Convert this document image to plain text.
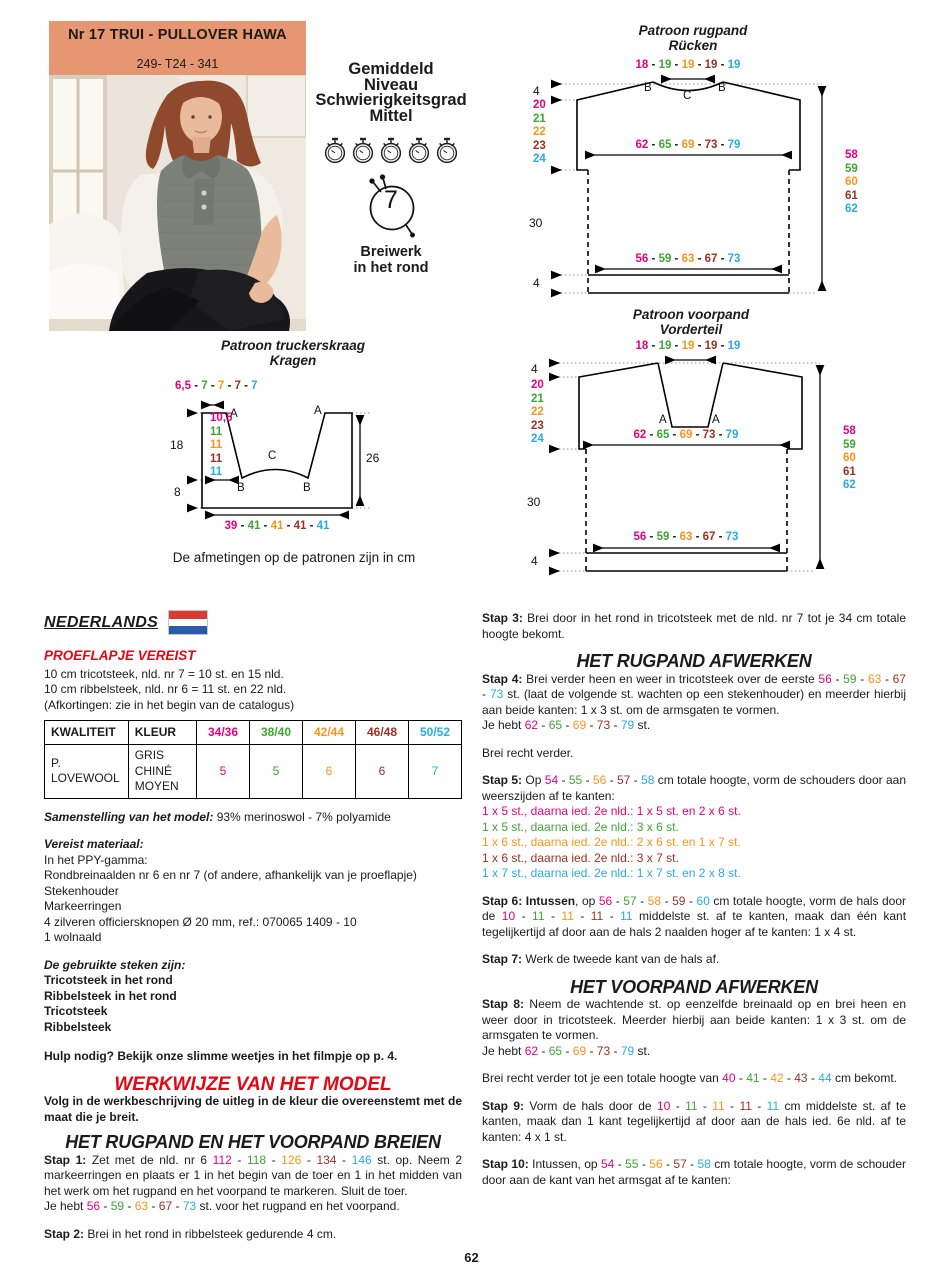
Nr 17 TRUI - PULLOVER HAWA
249- T24 - 341	Gemiddeld
Niveau
Schwierigkeitsgrad
Mittel
7
Breiwerk
in het rond
Patroon rugpand
Rücken
18 - 19 - 19 - 19 - 19
B
C
B
62 - 65 - 69 - 73 - 79
56 - 59 - 63 - 67 - 73
4
20
21
22
23
24
30
4
58
59
60
61
62
Patroon voorpand
Vorderteil
18 - 19 - 19 - 19 - 19
A	A
62 - 65 - 69 - 73 - 79
56 - 59 - 63 - 67 - 73
4
20
21
22
23
24
30
4
58
59
60
61
62
Patroon truckerskraag
Kragen
6,5 - 7 - 7 - 7 - 7
10,5
11
11
11
11
A	A
B	B
C
18
8
26
39 - 41 - 41 - 41 - 41
De afmetingen op de patronen zijn in cm
NEDERLANDS
PROEFLAPJE VEREIST
10 cm tricotsteek, nld. nr 7 = 10 st. en 15 nld.
10 cm ribbelsteek, nld. nr 6 = 11 st. en 22 nld.
(Afkortingen: zie in het begin van de catalogus)
KWALITEIT	KLEUR	34/36	38/40	42/44	46/48	50/52
P. LOVEWOOL	GRIS CHINÉ MOYEN	5	5	6	6	7
Samenstelling van het model: 93% merinoswol - 7% polyamide
Vereist materiaal:
In het PPY-gamma:
Rondbreinaalden nr 6 en nr 7 (of andere, afhankelijk van je proeflapje)
Stekenhouder
Markeerringen
4 zilveren officiersknopen Ø 20 mm, ref.: 070065 1409 - 10
1 wolnaald
De gebruikte steken zijn:
Tricotsteek in het rond
Ribbelsteek in het rond
Tricotsteek
Ribbelsteek
Hulp nodig? Bekijk onze slimme weetjes in het filmpje op p. 4.
WERKWIJZE VAN HET MODEL
Volg in de werkbeschrijving de uitleg in de kleur die overeenstemt met de maat die je breit.
HET RUGPAND EN HET VOORPAND BREIEN
Stap 1: Zet met de nld. nr 6 112 - 118 - 126 - 134 - 146 st. op. Neem 2 markeerringen en plaats er 1 in het begin van de toer en 1 in het midden van het werk om het rugpand en het voorpand te markeren. Sluit de toer.
Je hebt 56 - 59 - 63 - 67 - 73 st. voor het rugpand en het voorpand.
Stap 2: Brei in het rond in ribbelsteek gedurende 4 cm.
Stap 3: Brei door in het rond in tricotsteek met de nld. nr 7 tot je 34 cm totale hoogte bekomt.
HET RUGPAND AFWERKEN
Stap 4: Brei verder heen en weer in tricotsteek over de eerste 56 - 59 - 63 - 67 - 73 st. (laat de volgende st. wachten op een stekenhouder) en meerder hierbij aan beide kanten: 1 x 3 st. om de armsgaten te vormen.
Je hebt 62 - 65 - 69 - 73 - 79 st.
Brei recht verder.
Stap 5: Op 54 - 55 - 56 - 57 - 58 cm totale hoogte, vorm de schouders door aan weerszijden af te kanten:
1 x 5 st., daarna ied. 2e nld.: 1 x 5 st. en 2 x 6 st.
1 x 5 st., daarna ied. 2e nld.: 3 x 6 st.
1 x 6 st., daarna ied. 2e nld.: 2 x 6 st. en 1 x 7 st.
1 x 6 st., daarna ied. 2e nld.: 3 x 7 st.
1 x 7 st., daarna ied. 2e nld.: 1 x 7 st. en 2 x 8 st.
Stap 6: Intussen, op 56 - 57 - 58 - 59 - 60 cm totale hoogte, vorm de hals door de 10 - 11 - 11 - 11 - 11 middelste st. af te kanten, maak dan één kant tegelijkertijd af door aan de hals 2 naalden hoger af te kanten: 1 x 4 st.
Stap 7: Werk de tweede kant van de hals af.
HET VOORPAND AFWERKEN
Stap 8: Neem de wachtende st. op eenzelfde breinaald op en brei heen en weer door in tricotsteek. Meerder hierbij aan beide kanten: 1 x 3 st. om de armsgaten te vormen.
Je hebt 62 - 65 - 69 - 73 - 79 st.
Brei recht verder tot je een totale hoogte van 40 - 41 - 42 - 43 - 44 cm bekomt.
Stap 9: Vorm de hals door de 10 - 11 - 11 - 11 - 11 cm middelste st. af te kanten, maak dan 1 kant tegelijkertijd af door aan de hals ied. 6e nld. af te kanten: 4 x 1 st.
Stap 10: Intussen, op 54 - 55 - 56 - 57 - 58 cm totale hoogte, vorm de schouder door aan de kant van het armsgat af te kanten:
62
